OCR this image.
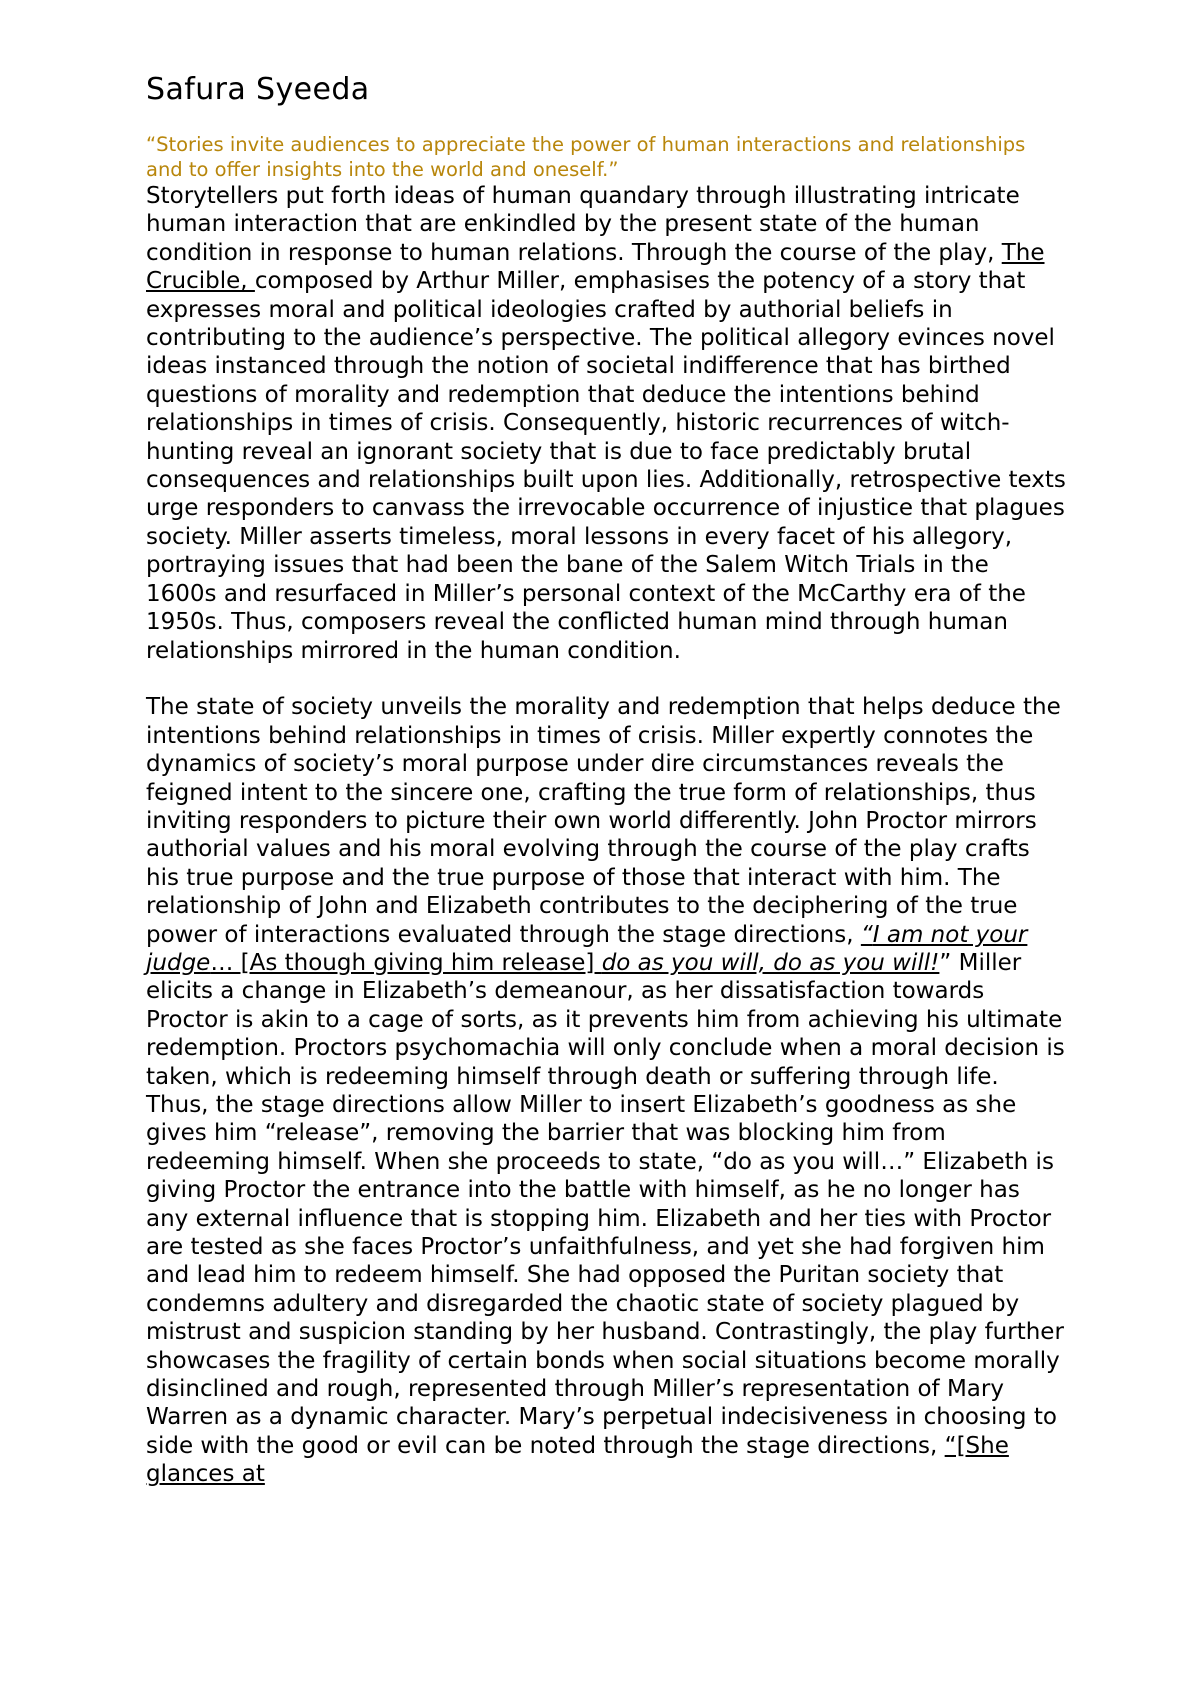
Safura Syeeda

“Stories invite audiences to appreciate the power of human interactions and relationships and to offer insights into the world and oneself.”

Storytellers put forth ideas of human quandary through illustrating intricate human interaction that are enkindled by the present state of the human condition in response to human relations. Through the course of the play, The Crucible, composed by Arthur Miller, emphasises the potency of a story that expresses moral and political ideologies crafted by authorial beliefs in contributing to the audience’s perspective. The political allegory evinces novel ideas instanced through the notion of societal indifference that has birthed questions of morality and redemption that deduce the intentions behind relationships in times of crisis. Consequently, historic recurrences of witch-hunting reveal an ignorant society that is due to face predictably brutal consequences and relationships built upon lies. Additionally, retrospective texts urge responders to canvass the irrevocable occurrence of injustice that plagues society. Miller asserts timeless, moral lessons in every facet of his allegory, portraying issues that had been the bane of the Salem Witch Trials in the 1600s and resurfaced in Miller’s personal context of the McCarthy era of the 1950s. Thus, composers reveal the conflicted human mind through human relationships mirrored in the human condition.

The state of society unveils the morality and redemption that helps deduce the intentions behind relationships in times of crisis. Miller expertly connotes the dynamics of society’s moral purpose under dire circumstances reveals the feigned intent to the sincere one, crafting the true form of relationships, thus inviting responders to picture their own world differently. John Proctor mirrors authorial values and his moral evolving through the course of the play crafts his true purpose and the true purpose of those that interact with him. The relationship of John and Elizabeth contributes to the deciphering of the true power of interactions evaluated through the stage directions, “I am not your judge… [As though giving him release] do as you will, do as you will!” Miller elicits a change in Elizabeth’s demeanour, as her dissatisfaction towards Proctor is akin to a cage of sorts, as it prevents him from achieving his ultimate redemption. Proctors psychomachia will only conclude when a moral decision is taken, which is redeeming himself through death or suffering through life. Thus, the stage directions allow Miller to insert Elizabeth’s goodness as she gives him “release”, removing the barrier that was blocking him from redeeming himself. When she proceeds to state, “do as you will…” Elizabeth is giving Proctor the entrance into the battle with himself, as he no longer has any external influence that is stopping him. Elizabeth and her ties with Proctor are tested as she faces Proctor’s unfaithfulness, and yet she had forgiven him and lead him to redeem himself. She had opposed the Puritan society that condemns adultery and disregarded the chaotic state of society plagued by mistrust and suspicion standing by her husband. Contrastingly, the play further showcases the fragility of certain bonds when social situations become morally disinclined and rough, represented through Miller’s representation of Mary Warren as a dynamic character. Mary’s perpetual indecisiveness in choosing to side with the good or evil can be noted through the stage directions, “[She glances at
